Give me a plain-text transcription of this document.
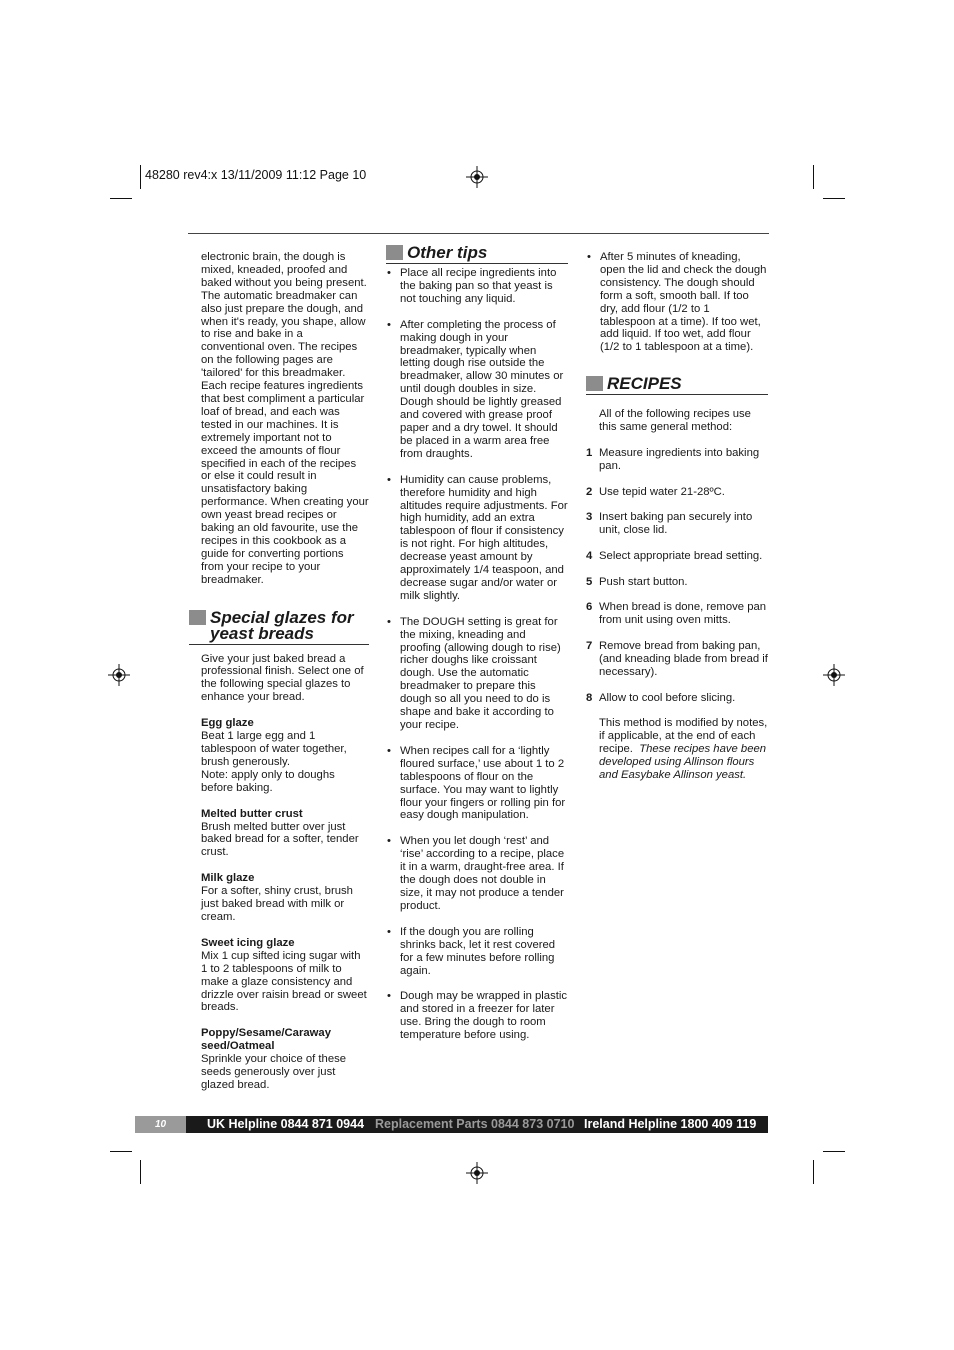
48280 rev4:x 13/11/2009 11:12 Page 10

electronic brain, the dough is mixed, kneaded, proofed and baked without you being present. The automatic breadmaker can also just prepare the dough, and when it's ready, you shape, allow to rise and bake in a conventional oven. The recipes on the following pages are 'tailored' for this breadmaker. Each recipe features ingredients that best compliment a particular loaf of bread, and each was tested in our machines. It is extremely important not to exceed the amounts of flour specified in each of the recipes or else it could result in unsatisfactory baking performance. When creating your own yeast bread recipes or baking an old favourite, use the recipes in this cookbook as a guide for converting portions from your recipe to your breadmaker.

Special glazes for yeast breads

Give your just baked bread a professional finish. Select one of the following special glazes to enhance your bread.

Egg glaze
Beat 1 large egg and 1 tablespoon of water together, brush generously.
Note: apply only to doughs before baking.
Melted butter crust
Brush melted butter over just baked bread for a softer, tender crust.
Milk glaze
For a softer, shiny crust, brush just baked bread with milk or cream.
Sweet icing glaze
Mix 1 cup sifted icing sugar with 1 to 2 tablespoons of milk to make a glaze consistency and drizzle over raisin bread or sweet breads.
Poppy/Sesame/Caraway seed/Oatmeal
Sprinkle your choice of these seeds generously over just glazed bread.
Other tips
• Place all recipe ingredients into the baking pan so that yeast is not touching any liquid.
• After completing the process of making dough in your breadmaker, typically when letting dough rise outside the breadmaker, allow 30 minutes or until dough doubles in size. Dough should be lightly greased and covered with grease proof paper and a dry towel. It should be placed in a warm area free from draughts.
• Humidity can cause problems, therefore humidity and high altitudes require adjustments. For high humidity, add an extra tablespoon of flour if consistency is not right. For high altitudes, decrease yeast amount by approximately 1/4 teaspoon, and decrease sugar and/or water or milk slightly.
• The DOUGH setting is great for the mixing, kneading and proofing (allowing dough to rise) richer doughs like croissant dough. Use the automatic breadmaker to prepare this dough so all you need to do is shape and bake it according to your recipe.
• When recipes call for a ‘lightly floured surface,’ use about 1 to 2 tablespoons of flour on the surface. You may want to lightly flour your fingers or rolling pin for easy dough manipulation.
• When you let dough ‘rest’ and ‘rise’ according to a recipe, place it in a warm, draught-free area. If the dough does not double in size, it may not produce a tender product.
• If the dough you are rolling shrinks back, let it rest covered for a few minutes before rolling again.
• Dough may be wrapped in plastic and stored in a freezer for later use. Bring the dough to room temperature before using.
• After 5 minutes of kneading, open the lid and check the dough consistency. The dough should form a soft, smooth ball. If too dry, add flour (1/2 to 1 tablespoon at a time). If too wet, add liquid. If too wet, add flour (1/2 to 1 tablespoon at a time).
RECIPES

All of the following recipes use this same general method:

1 Measure ingredients into baking pan.
2 Use tepid water 21-28ºC.
3 Insert baking pan securely into unit, close lid.
4 Select appropriate bread setting.
5 Push start button.
6 When bread is done, remove pan from unit using oven mitts.
7 Remove bread from baking pan, (and kneading blade from bread if necessary).
8 Allow to cool before slicing.

This method is modified by notes, if applicable, at the end of each recipe. These recipes have been developed using Allinson flours and Easybake Allinson yeast.

10	UK Helpline 0844 871 0944 Replacement Parts 0844 873 0710 Ireland Helpline 1800 409 119
